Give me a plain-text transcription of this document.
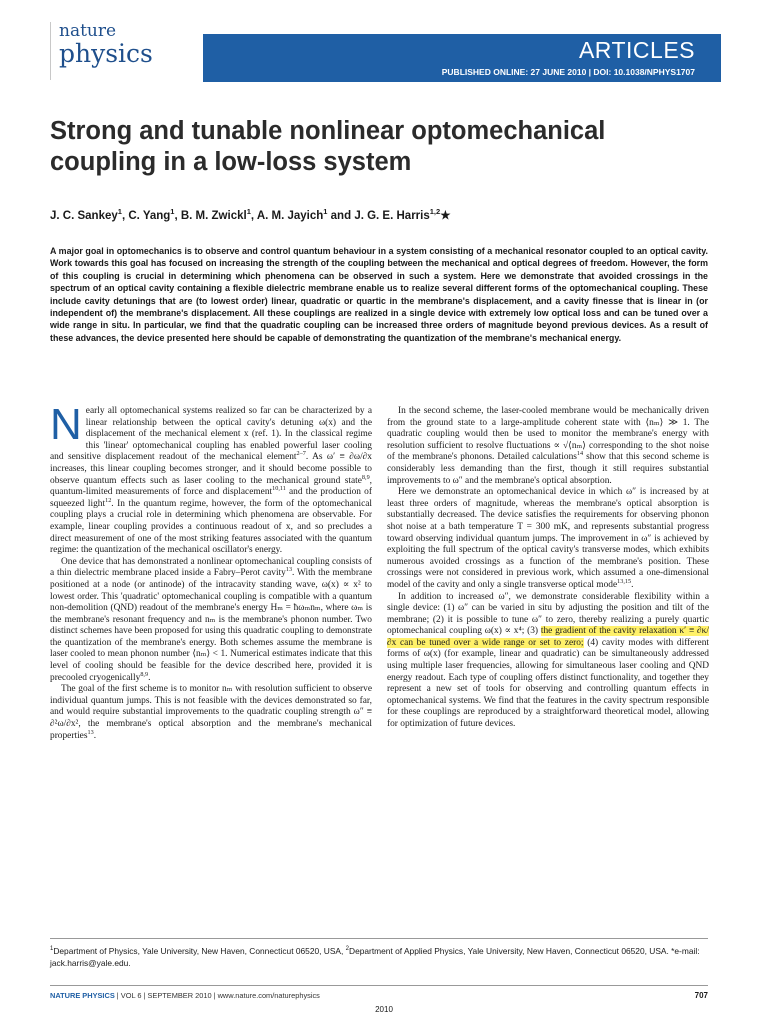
nature
physics	ARTICLES
PUBLISHED ONLINE: 27 JUNE 2010 | DOI: 10.1038/NPHYS1707
Strong and tunable nonlinear optomechanical coupling in a low-loss system
J. C. Sankey$^1$, C. Yang$^1$, B. M. Zwickl$^1$, A. M. Jayich$^1$ and J. G. E. Harris$^{1,2}$★

A major goal in optomechanics is to observe and control quantum behaviour in a system consisting of a mechanical resonator coupled to an optical cavity. Work towards this goal has focused on increasing the strength of the coupling between the mechanical and optical degrees of freedom. However, the form of this coupling is crucial in determining which phenomena can be observed in such a system. Here we demonstrate that avoided crossings in the spectrum of an optical cavity containing a flexible dielectric membrane enable us to realize several different forms of the optomechanical coupling. These include cavity detunings that are (to lowest order) linear, quadratic or quartic in the membrane's displacement, and a cavity finesse that is linear in (or independent of) the membrane's displacement. All these couplings are realized in a single device with extremely low optical loss and can be tuned over a wide range in situ. In particular, we find that the quadratic coupling can be increased three orders of magnitude beyond previous devices. As a result of these advances, the device presented here should be capable of demonstrating the quantization of the membrane's mechanical energy.

Nearly all optomechanical systems realized so far can be characterized by a linear relationship between the optical cavity's detuning ω(x) and the displacement of the mechanical element x (ref. 1). In the classical regime this 'linear' optomechanical coupling has enabled powerful laser cooling and sensitive displacement readout of the mechanical element$^{2-7}$. As ω′ ≡ ∂ω/∂x increases, this linear coupling becomes stronger, and it should become possible to observe quantum effects such as laser cooling to the mechanical ground state$^{8,9}$, quantum-limited measurements of force and displacement$^{10,11}$ and the production of squeezed light$^{12}$. In the quantum regime, however, the form of the optomechanical coupling plays a crucial role in determining which phenomena are observable. For example, linear coupling provides a continuous readout of x, and so precludes a direct measurement of one of the most striking features associated with the quantum regime: the quantization of the mechanical oscillator's energy.

One device that has demonstrated a nonlinear optomechanical coupling consists of a thin dielectric membrane placed inside a Fabry–Perot cavity$^{13}$. With the membrane positioned at a node (or antinode) of the intracavity standing wave, ω(x) ∝ x² to lowest order. This 'quadratic' optomechanical coupling is compatible with a quantum non-demolition (QND) readout of the membrane's energy Hₘ = ħωₘnₘ, where ωₘ is the membrane's resonant frequency and nₘ is the membrane's phonon number. Two distinct schemes have been proposed for using this quadratic coupling to demonstrate the quantization of the membrane's energy. Both schemes assume the membrane is laser cooled to mean phonon number ⟨nₘ⟩ < 1. Numerical estimates indicate that this level of cooling should be feasible for the device described here, provided it is precooled cryogenically$^{8,9}$.

The goal of the first scheme is to monitor nₘ with resolution sufficient to observe individual quantum jumps. This is not feasible with the devices demonstrated so far, and would require substantial improvements to the quadratic coupling strength ω″ ≡ ∂²ω/∂x², the membrane's optical absorption and the membrane's mechanical properties$^{13}$.

In the second scheme, the laser-cooled membrane would be mechanically driven from the ground state to a large-amplitude coherent state with ⟨nₘ⟩ ≫ 1. The quadratic coupling would then be used to monitor the membrane's energy with resolution sufficient to resolve fluctuations ∝ √⟨nₘ⟩ corresponding to the shot noise of the membrane's phonons. Detailed calculations$^{14}$ show that this second scheme is considerably less demanding than the first, though it still requires substantial improvements to ω″ and the membrane's optical absorption.

Here we demonstrate an optomechanical device in which ω″ is increased by at least three orders of magnitude, whereas the membrane's optical absorption is substantially decreased. The device satisfies the requirements for observing phonon shot noise at a bath temperature T = 300 mK, and represents substantial progress toward observing individual quantum jumps. The improvement in ω″ is achieved by exploiting the full spectrum of the optical cavity's transverse modes, which exhibits numerous avoided crossings as a function of the membrane's position. These crossings were not considered in previous work, which assumed a one-dimensional model of the cavity and only a single transverse optical mode$^{13,15}$.

In addition to increased ω″, we demonstrate considerable flexibility within a single device: (1) ω″ can be varied in situ by adjusting the position and tilt of the membrane; (2) it is possible to tune ω″ to zero, thereby realizing a purely quartic optomechanical coupling ω(x) ∝ x⁴; (3) the gradient of the cavity relaxation κ′ ≡ ∂κ/∂x can be tuned over a wide range or set to zero; (4) cavity modes with different forms of ω(x) (for example, linear and quadratic) can be simultaneously addressed using multiple laser frequencies, allowing for simultaneous laser cooling and QND energy readout. Each type of coupling offers distinct functionality, and together they represent a new set of tools for observing and controlling quantum effects in optomechanical systems. We find that the features in the cavity spectrum responsible for these couplings are reproduced by a straightforward theoretical model, allowing for optimization of future devices.

$^1$Department of Physics, Yale University, New Haven, Connecticut 06520, USA, $^2$Department of Applied Physics, Yale University, New Haven, Connecticut 06520, USA. *e-mail: jack.harris@yale.edu.

NATURE PHYSICS | VOL 6 | SEPTEMBER 2010 | www.nature.com/naturephysics	707
2010
